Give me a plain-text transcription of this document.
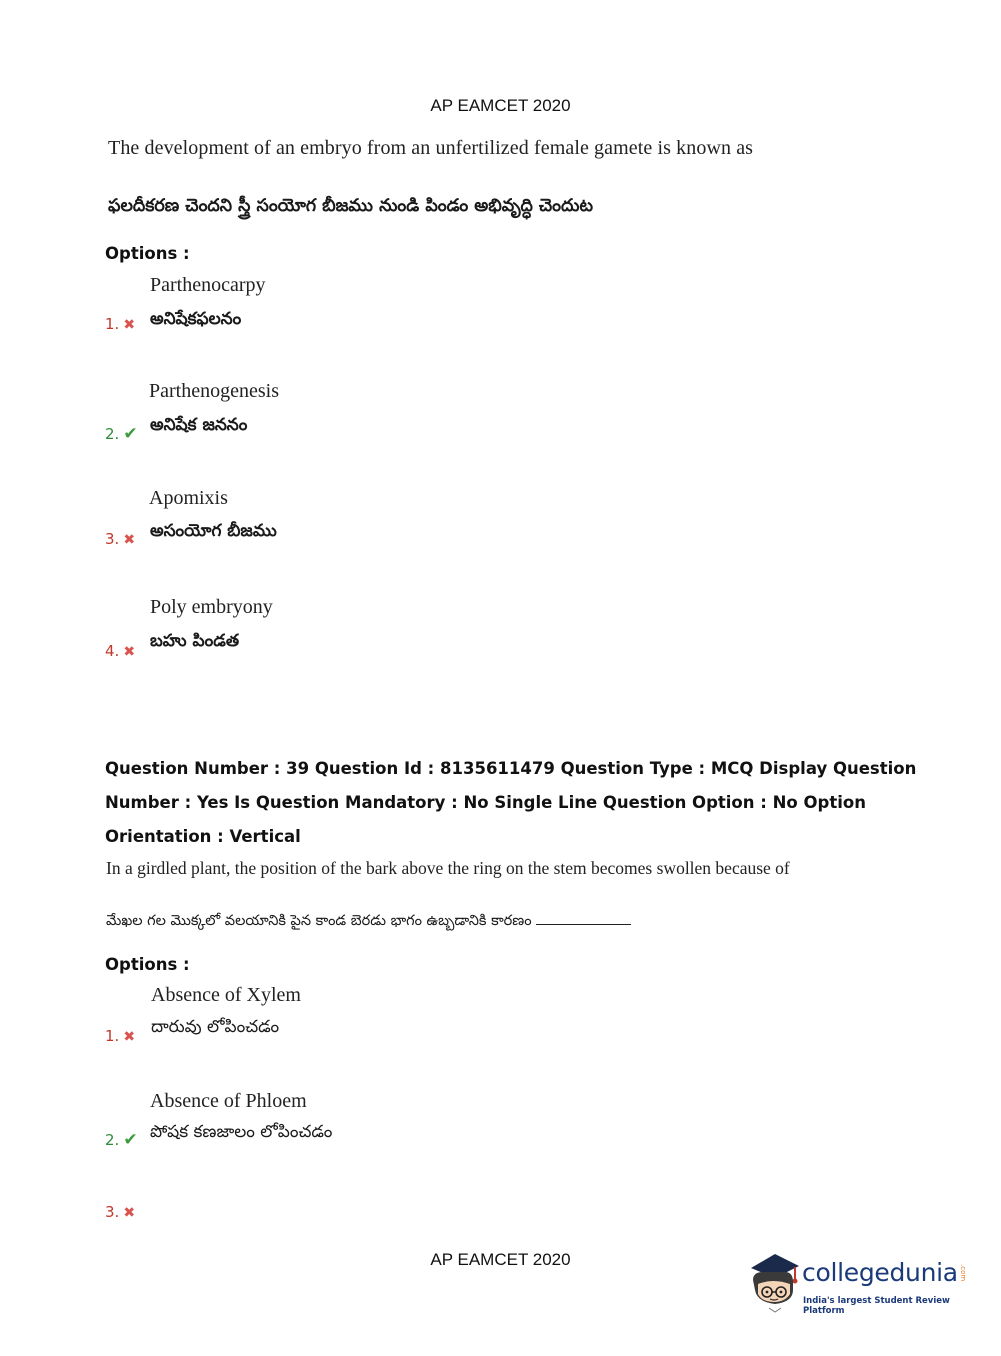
AP EAMCET 2020
The development of an embryo from an unfertilized female gamete is known as
ఫలదీకరణ చెందని స్త్రీ సంయోగ బీజము నుండి పిండం అభివృద్ధి చెందుట
Options :
Parthenocarpy
1. ✖ అనిషేకఫలనం
Parthenogenesis
2. ✔ అనిషేక జననం
Apomixis
3. ✖ అసంయోగ బీజము
Poly embryony
4. ✖ బహు పిండత
Question Number : 39 Question Id : 8135611479 Question Type : MCQ Display Question
Number : Yes Is Question Mandatory : No Single Line Question Option : No Option
Orientation : Vertical
In a girdled plant, the position of the bark above the ring on the stem becomes swollen because of
మేఖల గల మొక్కలో వలయానికి పైన కాండ బెరడు భాగం ఉబ్బడానికి కారణం
Options :
Absence of Xylem
1. ✖ దారువు లోపించడం
Absence of Phloem
2. ✔ పోషక కణజాలం లోపించడం
3. ✖
AP EAMCET 2020	collegedunia .com
India's largest Student Review Platform
